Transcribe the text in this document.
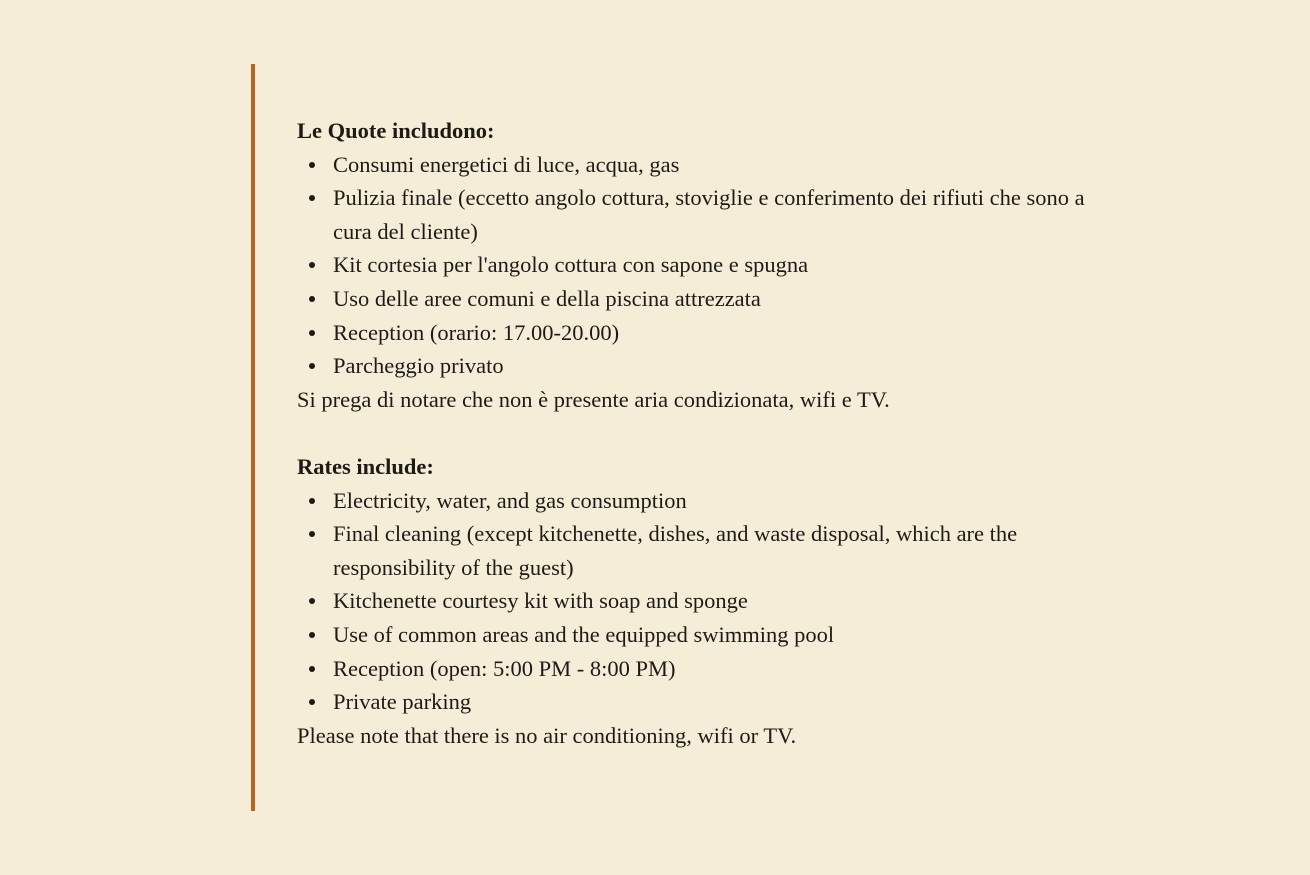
Le Quote includono:

Consumi energetici di luce, acqua, gas
Pulizia finale (eccetto angolo cottura, stoviglie e conferimento dei rifiuti che sono a cura del cliente)
Kit cortesia per l'angolo cottura con sapone e spugna
Uso delle aree comuni e della piscina attrezzata
Reception (orario: 17.00-20.00)
Parcheggio privato

Si prega di notare che non è presente aria condizionata, wifi e TV.

Rates include:

Electricity, water, and gas consumption
Final cleaning (except kitchenette, dishes, and waste disposal, which are the responsibility of the guest)
Kitchenette courtesy kit with soap and sponge
Use of common areas and the equipped swimming pool
Reception (open: 5:00 PM - 8:00 PM)
Private parking

Please note that there is no air conditioning, wifi or TV.
